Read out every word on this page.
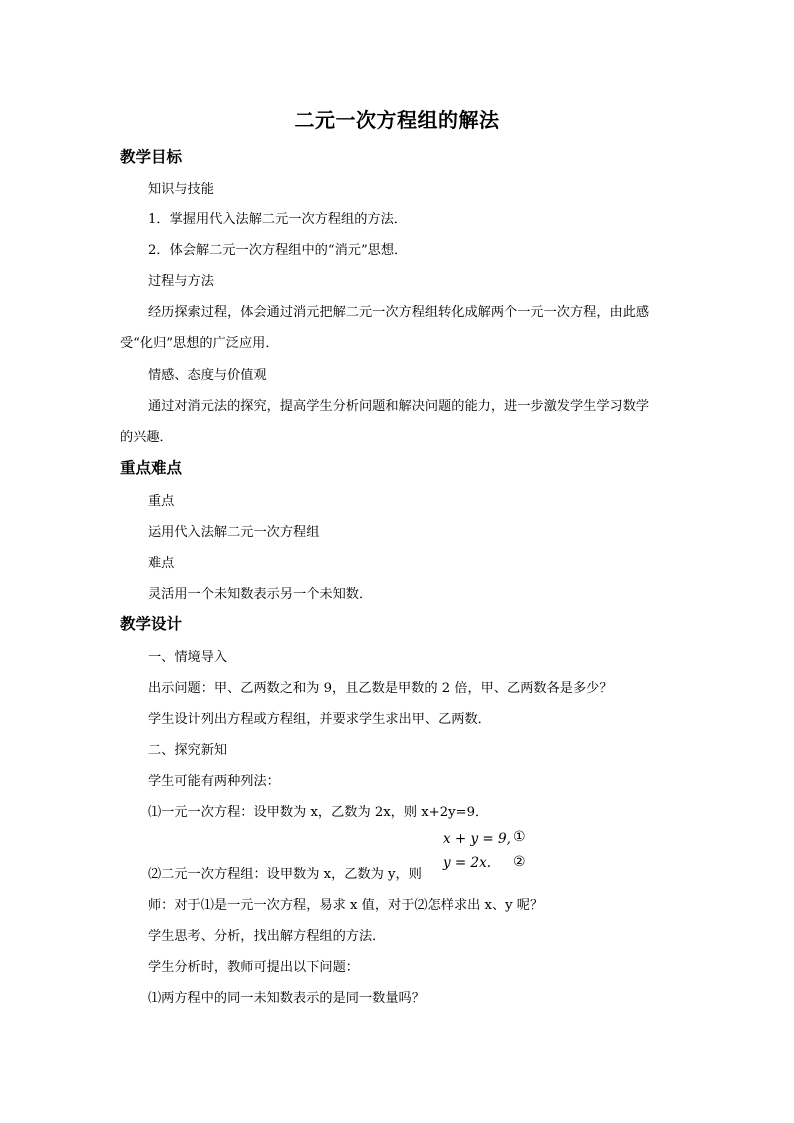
二元一次方程组的解法
教学目标
知识与技能
1．掌握用代入法解二元一次方程组的方法．
2．体会解二元一次方程组中的“消元”思想．
过程与方法
经历探索过程，体会通过消元把解二元一次方程组转化成解两个一元一次方程，由此感
受“化归”思想的广泛应用．
情感、态度与价值观
通过对消元法的探究，提高学生分析问题和解决问题的能力，进一步激发学生学习数学
的兴趣．
重点难点
重点
运用代入法解二元一次方程组
难点
灵活用一个未知数表示另一个未知数．
教学设计
一、情境导入
出示问题：甲、乙两数之和为 9，且乙数是甲数的 2 倍，甲、乙两数各是多少？
学生设计列出方程或方程组，并要求学生求出甲、乙两数．
二、探究新知
学生可能有两种列法：
⑴一元一次方程：设甲数为 x，乙数为 2x，则 x+2y=9．
x + y = 9, ①
⑵二元一次方程组：设甲数为 x，乙数为 y，则
y = 2x. ②
师：对于⑴是一元一次方程，易求 x 值，对于⑵怎样求出 x、y 呢？
学生思考、分析，找出解方程组的方法．
学生分析时，教师可提出以下问题：
⑴两方程中的同一未知数表示的是同一数量吗？
